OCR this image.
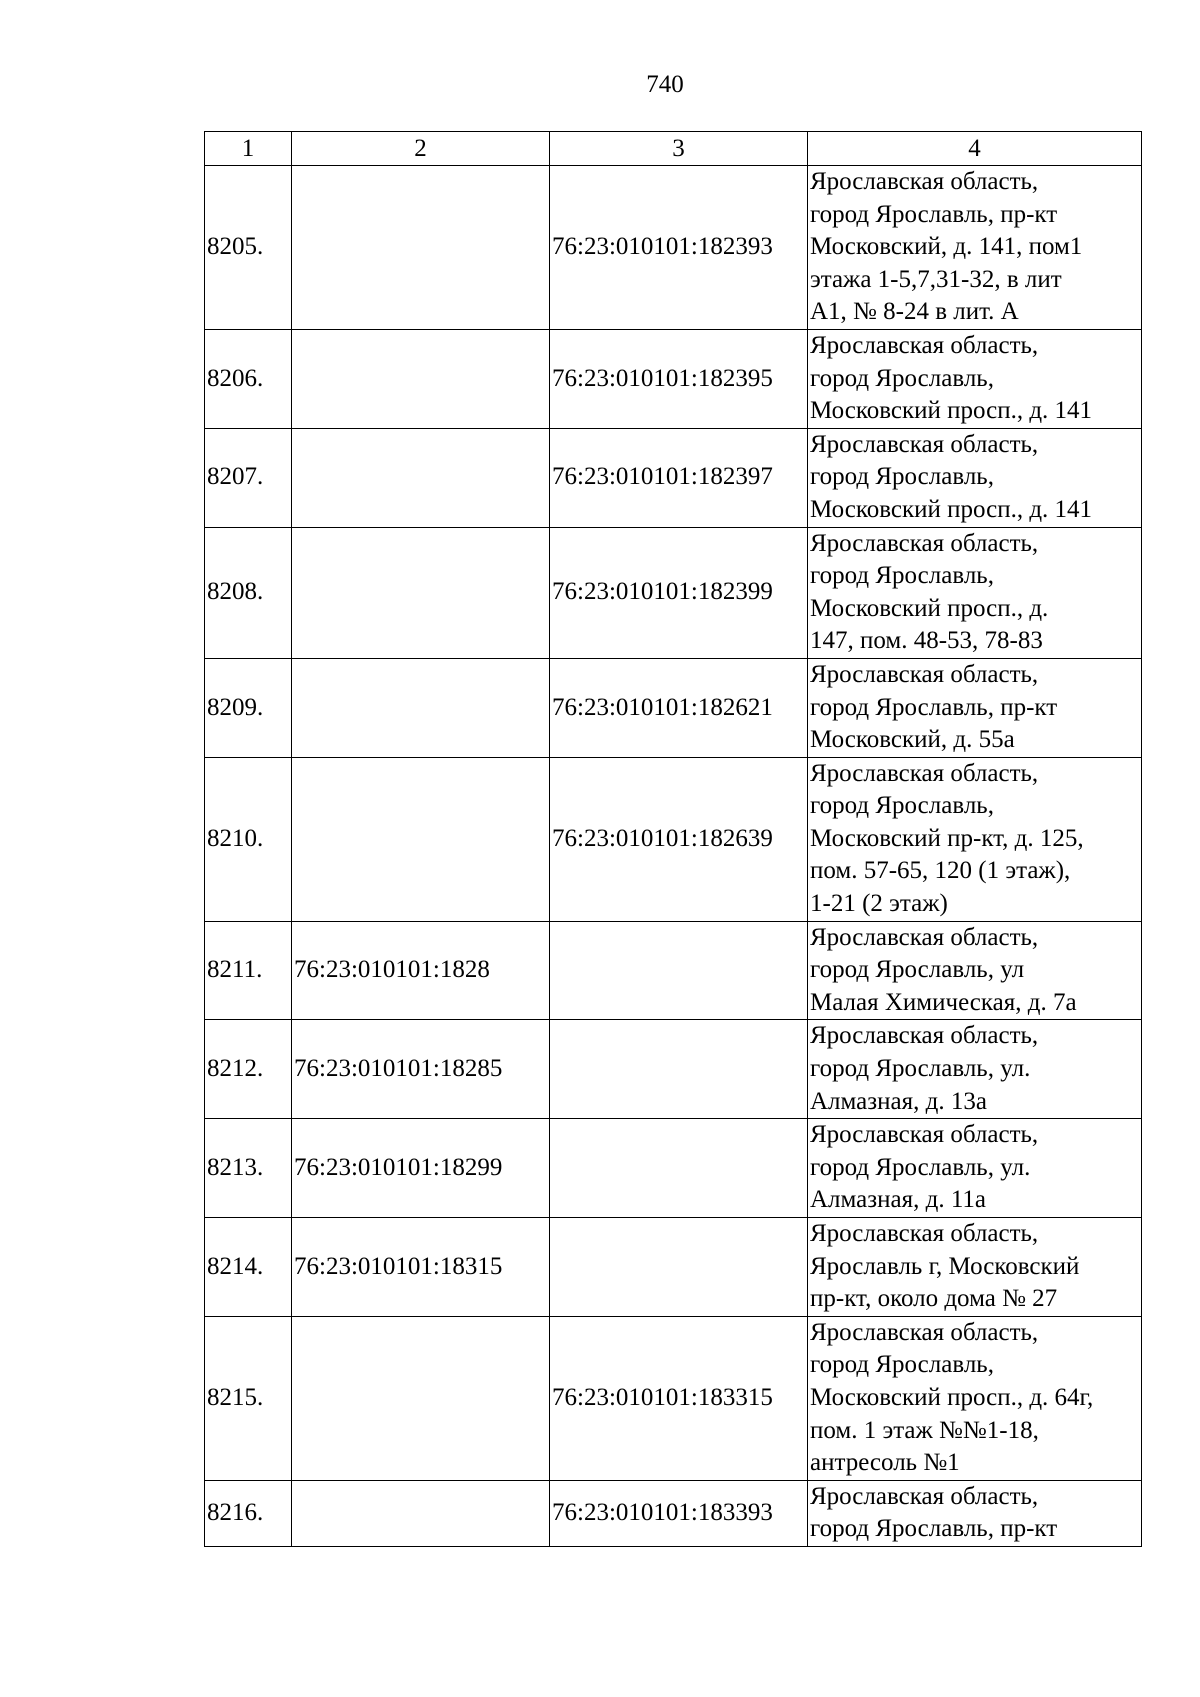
740
1	2	3	4
8205.		76:23:010101:182393	Ярославская область,
город Ярославль, пр-кт
Московский, д. 141, пом1
этажа 1-5,7,31-32, в лит
А1, № 8-24 в лит. А
8206.		76:23:010101:182395	Ярославская область,
город Ярославль,
Московский просп., д. 141
8207.		76:23:010101:182397	Ярославская область,
город Ярославль,
Московский просп., д. 141
8208.		76:23:010101:182399	Ярославская область,
город Ярославль,
Московский просп., д.
147, пом. 48-53, 78-83
8209.		76:23:010101:182621	Ярославская область,
город Ярославль, пр-кт
Московский, д. 55а
8210.		76:23:010101:182639	Ярославская область,
город Ярославль,
Московский пр-кт, д. 125,
пом. 57-65, 120 (1 этаж),
1-21 (2 этаж)
8211.	76:23:010101:1828		Ярославская область,
город Ярославль, ул
Малая Химическая, д. 7а
8212.	76:23:010101:18285		Ярославская область,
город Ярославль, ул.
Алмазная, д. 13а
8213.	76:23:010101:18299		Ярославская область,
город Ярославль, ул.
Алмазная, д. 11а
8214.	76:23:010101:18315		Ярославская область,
Ярославль г, Московский
пр-кт, около дома № 27
8215.		76:23:010101:183315	Ярославская область,
город Ярославль,
Московский просп., д. 64г,
пом. 1 этаж №№1-18,
антресоль №1
8216.		76:23:010101:183393	Ярославская область,
город Ярославль, пр-кт
